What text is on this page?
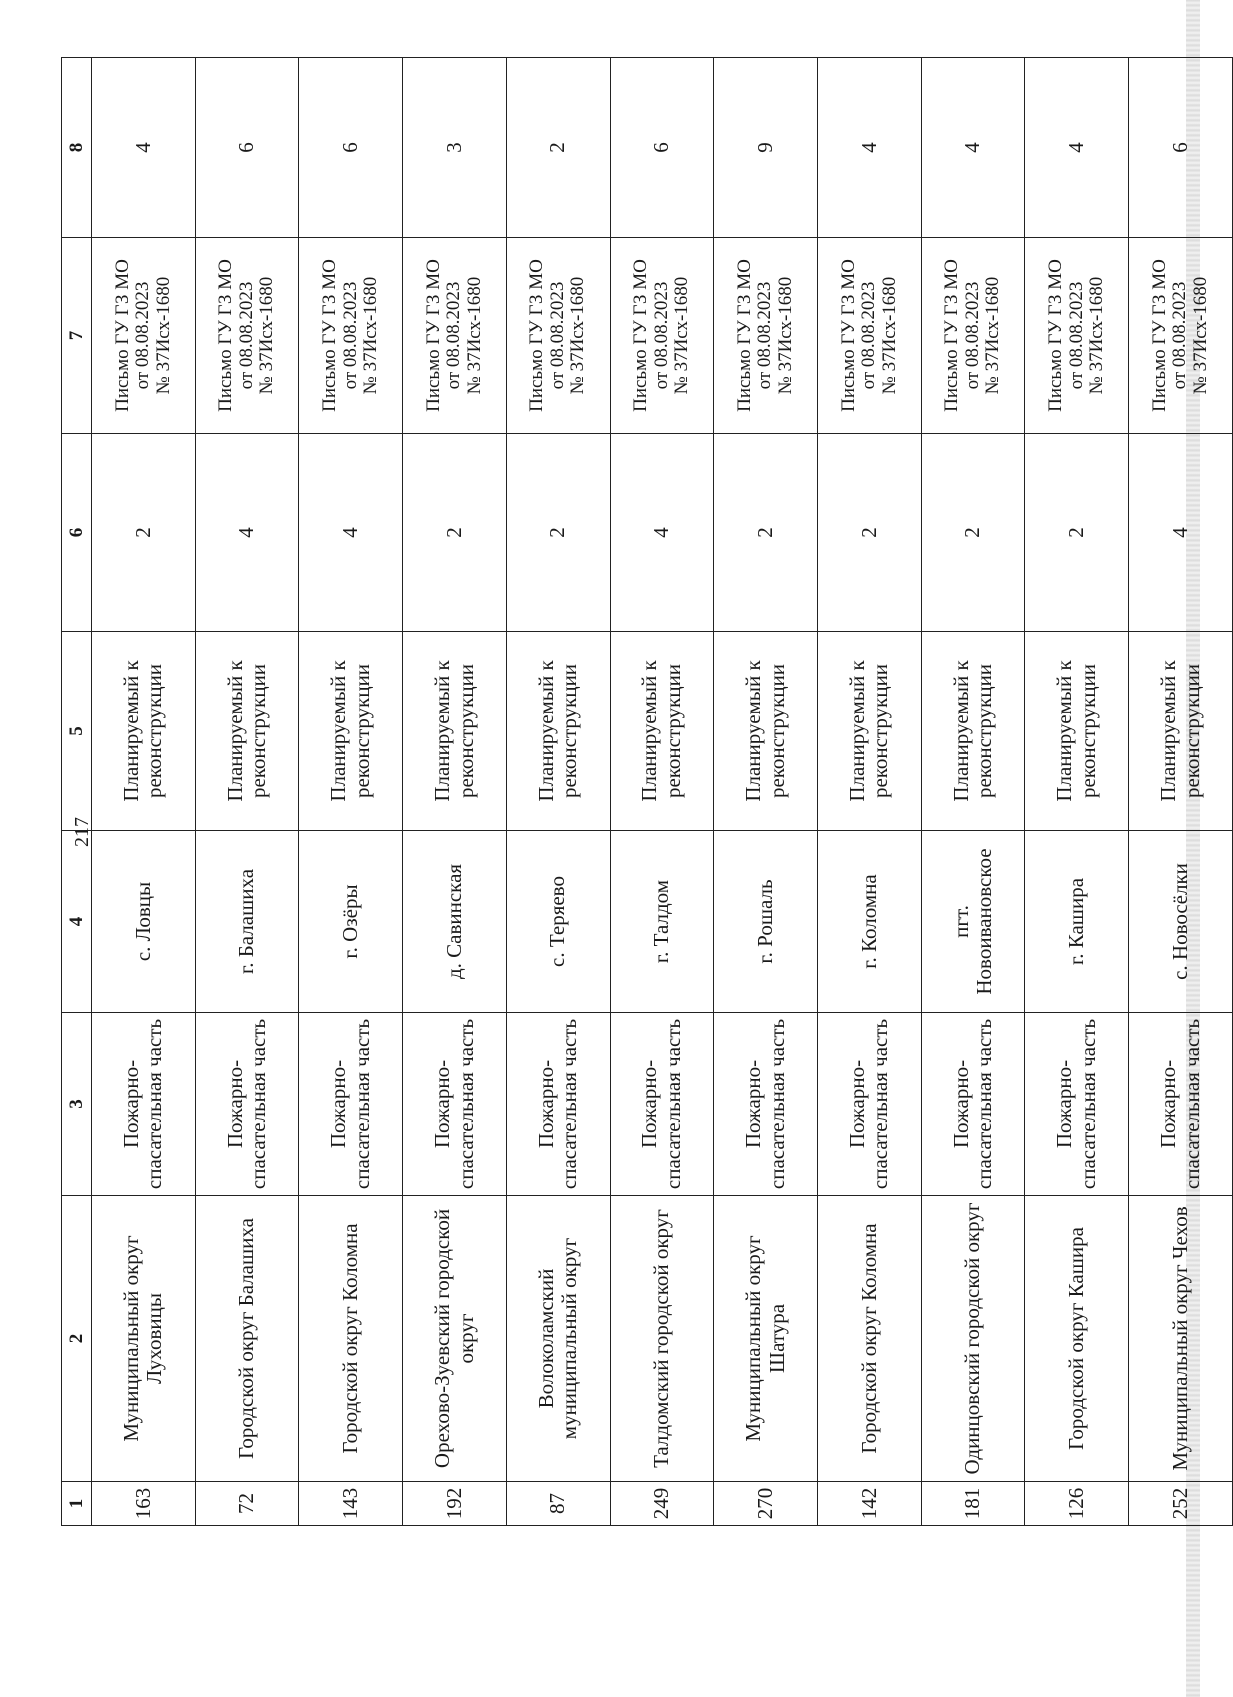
217
1	2	3	4	5	6	7	8
163	Муниципальный округ Луховицы	Пожарно-спасательная часть	с. Ловцы	Планируемый к реконструкции	2	Письмо ГУ ГЗ МО от 08.08.2023 № 37Исх-1680	4
72	Городской округ Балашиха	Пожарно-спасательная часть	г. Балашиха	Планируемый к реконструкции	4	Письмо ГУ ГЗ МО от 08.08.2023 № 37Исх-1680	6
143	Городской округ Коломна	Пожарно-спасательная часть	г. Озёры	Планируемый к реконструкции	4	Письмо ГУ ГЗ МО от 08.08.2023 № 37Исх-1680	6
192	Орехово-Зуевский городской округ	Пожарно-спасательная часть	д. Савинская	Планируемый к реконструкции	2	Письмо ГУ ГЗ МО от 08.08.2023 № 37Исх-1680	3
87	Волоколамский муниципальный округ	Пожарно-спасательная часть	с. Теряево	Планируемый к реконструкции	2	Письмо ГУ ГЗ МО от 08.08.2023 № 37Исх-1680	2
249	Талдомский городской округ	Пожарно-спасательная часть	г. Талдом	Планируемый к реконструкции	4	Письмо ГУ ГЗ МО от 08.08.2023 № 37Исх-1680	6
270	Муниципальный округ Шатура	Пожарно-спасательная часть	г. Рошаль	Планируемый к реконструкции	2	Письмо ГУ ГЗ МО от 08.08.2023 № 37Исх-1680	9
142	Городской округ Коломна	Пожарно-спасательная часть	г. Коломна	Планируемый к реконструкции	2	Письмо ГУ ГЗ МО от 08.08.2023 № 37Исх-1680	4
181	Одинцовский городской округ	Пожарно-спасательная часть	пгт. Новоивановское	Планируемый к реконструкции	2	Письмо ГУ ГЗ МО от 08.08.2023 № 37Исх-1680	4
126	Городской округ Кашира	Пожарно-спасательная часть	г. Кашира	Планируемый к реконструкции	2	Письмо ГУ ГЗ МО от 08.08.2023 № 37Исх-1680	4
252	Муниципальный округ Чехов	Пожарно-спасательная часть	с. Новосёлки	Планируемый к реконструкции	4	Письмо ГУ ГЗ МО от 08.08.2023 № 37Исх-1680	6
